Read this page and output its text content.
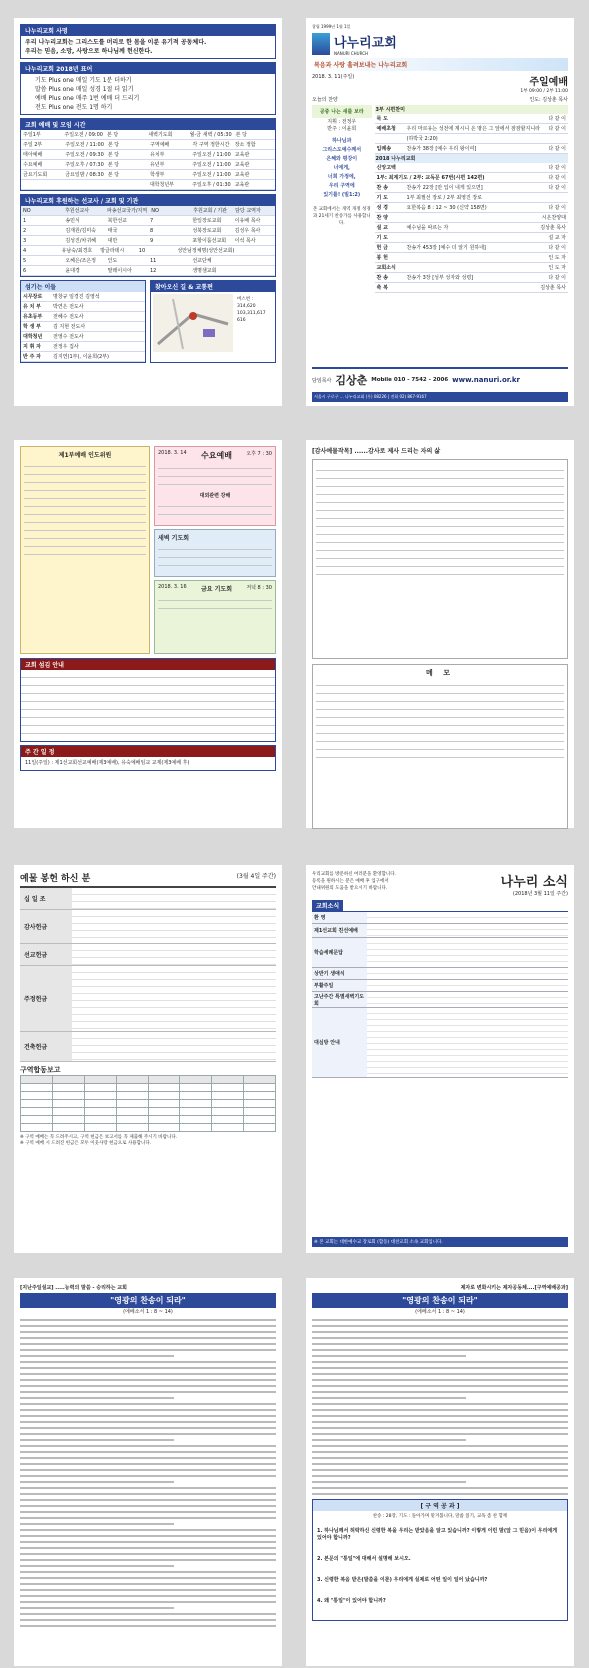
나누리교회 사명
우리 나누리교회는 그리스도를 머리로 한 몸을 이룬 유기적 공동체다.
우리는 믿음, 소망, 사랑으로 하나님께 헌신한다.
나누리교회 2018년 표어
기도 Plus one 매일 기도 1분 더하기
말씀 Plus one 매일 성경 1절 더 읽기
예배 Plus one 매주 1번 예배 더 드리기
전도 Plus one 전도 1명 하기
교회 예배 및 모임 시간
주일1부	주일오전 / 09:00 본 당	새벽기도회	월-금 새벽 / 05:30 본 당
주일 2부	주일오전 / 11:00 본 당	구역예배	각 구역 정한시간	장소 정함
태아예배	주일오전 / 09:30 본 당	유치부	주일오전 / 11:00 교육관
수요예배	주일오후 / 07:30 본 당	유년부	주일오전 / 11:00 교육관
금요기도회	금요일밤 / 08:30 본 당	학생부	주일오전 / 11:00 교육관
대학청년부	주일오후 / 01:30 교육관
나누리교회 후원하는 선교사 / 교회 및 기관
NO	후원선교사	파송선교국가/지역 NO	후원교회 / 기관	담당 교역자
1	송민식	북한선교	7	한일장로교회	이유배 목사
2	김재원/김미숙	태국	8	성북장로교회	김성우 목사
3	김성진/차귀혜	대만	9	포항이룸선교회	이석 목사
4	유남숙/최경호	방글라데시	10	성안님정체명(성안선교회)
5	오혜은/조은정	인도	11	선교단체
6	윤대경	말레이시아	12	생명샘교회
섬기는 이들
시무장로	명창규 임경진 김영석
유 치 부	박연은 전도사
유초등부	전혜수 전도사
학 생 부	김 지현 전도사
대학청년	전영수 전도사
지 휘 자	전정우 집사
반 주 자	김지연(1부), 이윤희(2부)
찾아오신 길 & 교통편
버스번 :
314,620
103,311,617
616
창립 1999년 1월 1일
나누리교회
NANURI CHURCH
복음과 사랑 흘려보내는 나누리교회
2018. 3. 11(주일)	주일예배
1부 09:00 / 2부 11:00
오늘의 찬양	인도: 김상춘 목사
공중 나는 새를 보라
지휘 : 전정우
반주 : 이윤희
하나님과
그리스도예수께서
은혜와 평강이
너에게,
너희 가정에,
우리 구역에
있기를! (빌1:2)
본 교회에서는 개역 개정 성경과 21세기 찬송가를 사용합니다.
3부 시편찬미
묵 도	다 같 이
예배초청	우리 마르유는 성전에 계시니 온 땅은 그 앞에서 잠잠할지니라	다 같 이
(하박국 2:20)
입례송	찬송가 38장 [예수 우리 왕이여]	다 같 이
2018 나누리교회
신앙고백	다 같 이
1부: 최계기도 / 2부: 교독문 67번(시편 142편)	다 같 이
찬 송	찬송가 22장 [만 입이 내게 있으면]	다 같 이
기 도	1부 최필선 장로 / 2부 최영진 장로
성 경	요한복음 8 : 12 ~ 30 (신약 158면)	다 같 이
찬 양	시온찬양대
설 교	예수님을 따르는 자	김상춘 목사
기 도	설 교 자
헌 금	찬송가 453장 [예수 더 알기 원하네]	다 같 이
봉 헌	인 도 자
교회소식	인 도 자
찬 송	찬송가 3장 [성부 성자와 성령]	다 같 이
축 복	김상춘 목사
담임목사 김상춘 Mobile 010 - 7542 - 2006 www.nanuri.or.kr
서울시 구로구 … 나누리교회 (우) 08226 | 전화 02) 867-9167
제1부예배 인도위원	2018. 3. 14 수요예배	오후 7 : 30
대외관련 강해
새벽 기도회
2018. 3. 16 금요 기도회	저녁 8 : 30
교회 섬김 안내
주 간 일 정
11일(주일) : 제1선교회선교예배(제3예배), 유숙예배임교 교제(제3예배 후)
[감사예물작목] ......감사로 제사 드리는 자의 삶
메 모
예물 봉헌 하신 분	(3월 4일 주간)
십 일 조
감사헌금
선교헌금
주정헌금
건축헌금
구역합동보고

※ 구역 예배는 꼭 드려주시고, 구역 헌금은 보고서를 꼭 제출해 주시기 바랍니다.
※ 구역 예배 시 드려진 헌금은 모두 이웃사랑 헌금으로 사용합니다.
우리교회를 방문하신 여러분을 환영합니다.
등록을 원하시는 분은 예배 후 입구에서
안내위원의 도움을 받으시기 바랍니다.	나누리 소식
(2018년 3월 11일 주간)
교회소식
환 영
제1선교회 친선예배
학습세례문답
상반기 생애식
부활주일
고난주간 특별새벽기도회
대심방 안내
※ 본 교회는 대한예수교 장로회 (합동) 대찬교회 소속 교회입니다.
[지난주일설교] .....능력의 말씀 - 승리하는 교회
"영광의 찬송이 되라"
(에베소서 1 : 8 ~ 14)
제자로 변화시키는 제자공동체....[구역예배공과]
"영광의 찬송이 되라"
(에베소서 1 : 8 ~ 14)
[ 구 역 공 과 ]
찬송 : 28장, 기도 : 돌아가며 맡겨봅니다, 말씀 읽기, 교독 좀 찬 함께
1. 하나님께서 허락하신 신령한 복을 우리는 받았음을 알고 있습니까? 이렇게 이런 말(앞 그 믿음)이 우리에게 있어야 합니까?
2. 본문의 "통일"에 대해서 설명해 보시오.
3. 신령한 복음 받은(말씀을 이룬) 우리에게 실제로 어떤 일이 일어 났습니까?
4. 왜 "통일"이 있어야 합니까?
